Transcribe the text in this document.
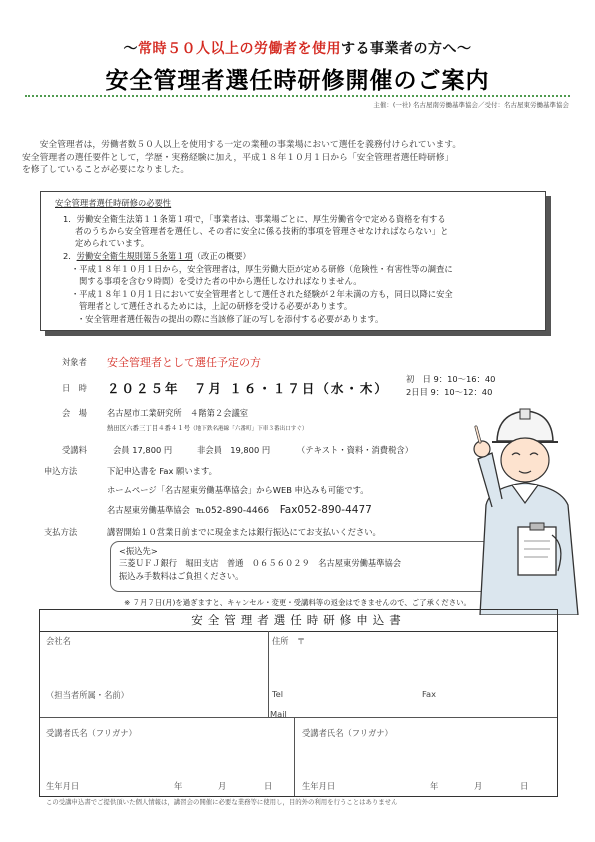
～常時５０人以上の労働者を使用する事業者の方へ～
安全管理者選任時研修開催のご案内
主催：(一社) 名古屋南労働基準協会／受付：名古屋東労働基準協会

安全管理者は，労働者数５０人以上を使用する一定の業種の事業場において選任を義務付けられています。

安全管理者の選任要件として，学歴・実務経験に加え，平成１８年１０月１日から「安全管理者選任時研修」

を修了していることが必要になりました。

安全管理者選任時研修の必要性
1．労働安全衛生法第１１条第１項で，「事業者は、事業場ごとに、厚生労働省令で定める資格を有する
者のうちから安全管理者を選任し、その者に安全に係る技術的事項を管理させなければならない」と
定められています。
2．労働安全衛生規則第５条第１項（改正の概要）
・平成１８年１０月１日から，安全管理者は，厚生労働大臣が定める研修（危険性・有害性等の調査に
関する事項を含む９時間）を受けた者の中から選任しなければなりません。
・平成１８年１０月１日において安全管理者として選任された経験が２年未満の方も，同日以降に安全
管理者として選任されるためには，上記の研修を受ける必要があります。
・安全管理者選任報告の提出の際に当該修了証の写しを添付する必要があります。
対象者 安全管理者として選任予定の方
日　時 ２０２５年　７月 １６・１７日（水・木）
初　日 9：10～16：40
2日目 9：10～12：40
会　場 名古屋市工業研究所　４階第２会議室
熱田区六番三丁目４番４１号（地下鉄名港線「六番町」下車３番出口すぐ）
受講料	会員 17,800 円	非会員　19,800 円	（テキスト・資料・消費税含）
申込方法	下記申込書を Fax 願います。
ホームページ「名古屋東労働基準協会」からWEB 申込みも可能です。
名古屋東労働基準協会 ℡052-890-4466 Fax052-890-4477
支払方法	講習開始１０営業日前までに現金または銀行振込にてお支払いください。
<振込先>
三菱ＵＦＪ銀行　堀田支店　普通　０６５６０２９　名古屋東労働基準協会
振込み手数料はご負担ください。
※ ７月７日(月)を過ぎますと、キャンセル・変更・受講料等の返金はできませんので、ご了承ください。
安全管理者選任時研修申込書
会社名	住所　〒
（担当者所属・名前）	Tel	Fax
Mail
受講者氏名（フリガナ）	受講者氏名（フリガナ）
生年月日	年	月	日	生年月日	年	月	日
この受講申込書でご提供頂いた個人情報は，講習会の開催に必要な業務等に使用し，目的外の利用を行うことはありません
